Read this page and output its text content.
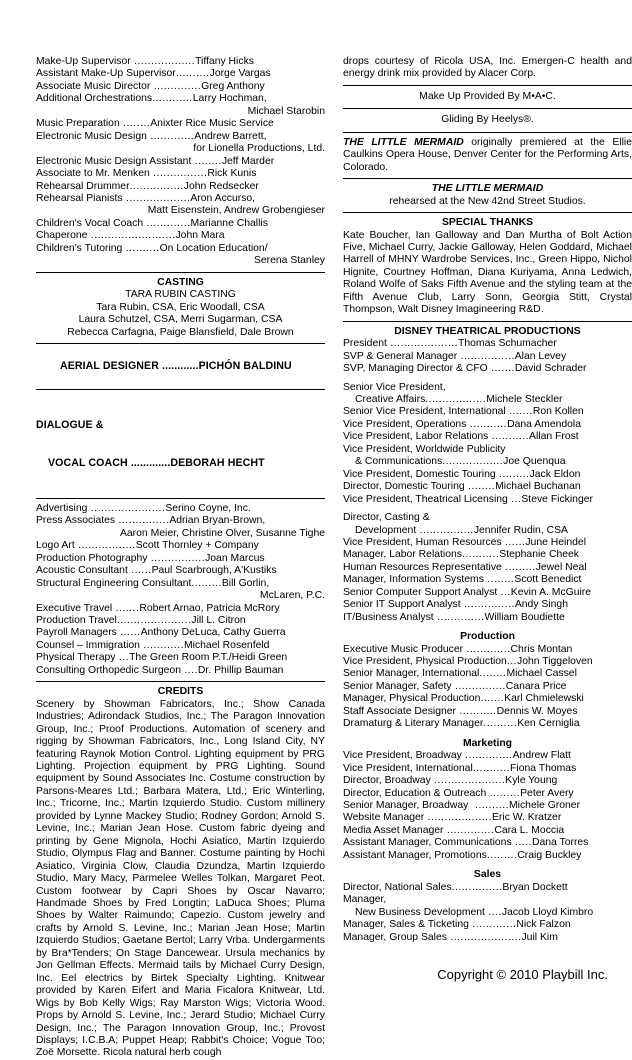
Make-Up Supervisor ..................Tiffany Hicks
Assistant Make-Up Supervisor..........Jorge Vargas
Associate Music Director ..............Greg Anthony
Additional Orchestrations............Larry Hochman,
Michael Starobin
Music Preparation ........Anixter Rice Music Service
Electronic Music Design .............Andrew Barrett,
for Lionella Productions, Ltd.
Electronic Music Design Assistant ........Jeff Marder
Associate to Mr. Menken ................Rick Kunis
Rehearsal Drummer................John Redsecker
Rehearsal Pianists ...................Aron Accurso,
Matt Eisenstein, Andrew Grobengieser
Children's Vocal Coach .............Marianne Challis
Chaperone .........................John Mara
Children's Tutoring ..........On Location Education/
Serena Stanley
CASTING
TARA RUBIN CASTING
Tara Rubin, CSA, Eric Woodall, CSA
Laura Schutzel, CSA, Merri Sugarman, CSA
Rebecca Carfagna, Paige Blansfield, Dale Brown

AERIAL DESIGNER ............PICHÓN BALDINU

DIALOGUE &

VOCAL COACH .............DEBORAH HECHT

Advertising ......................Serino Coyne, Inc.
Press Associates ...............Adrian Bryan-Brown,
Aaron Meier, Christine Olver, Susanne Tighe
Logo Art .................Scott Thornley + Company
Production Photography ................Joan Marcus
Acoustic Consultant ......Paul Scarbrough, A'Kustiks
Structural Engineering Consultant.........Bill Gorlin,
McLaren, P.C.
Executive Travel .......Robert Arnao, Patricia McRory
Production Travel......................Jill L. Citron
Payroll Managers ......Anthony DeLuca, Cathy Guerra
Counsel – Immigration ............Michael Rosenfeld
Physical Therapy ...The Green Room P.T./Heidi Green
Consulting Orthopedic Surgeon ....Dr. Phillip Bauman
CREDITS

Scenery by Showman Fabricators, Inc.; Show Canada Industries; Adirondack Studios, Inc.; The Paragon Innovation Group, Inc.; Proof Productions. Automation of scenery and rigging by Showman Fabricators, Inc., Long Island City, NY featuring Raynok Motion Control. Lighting equipment by PRG Lighting. Projection equipment by PRG Lighting. Sound equipment by Sound Associates Inc. Costume construction by Parsons-Meares Ltd.; Barbara Matera, Ltd.; Eric Winterling, Inc.; Tricorne, Inc.; Martin Izquierdo Studio. Custom millinery provided by Lynne Mackey Studio; Rodney Gordon; Arnold S. Levine, Inc.; Marian Jean Hose. Custom fabric dyeing and printing by Gene Mignola, Hochi Asiatico, Martin Izquierdo Studio, Olympus Flag and Banner. Costume painting by Hochi Asiatico, Virginia Clow, Claudia Dzundza, Martin Izquierdo Studio, Mary Macy, Parmelee Welles Tolkan, Margaret Peot. Custom footwear by Capri Shoes by Oscar Navarro; Handmade Shoes by Fred Longtin; LaDuca Shoes; Pluma Shoes by Walter Raimundo; Capezio. Custom jewelry and crafts by Arnold S. Levine, Inc.; Marian Jean Hose; Martin Izquierdo Studios; Gaetane Bertol; Larry Vrba. Undergarments by Bra*Tenders; On Stage Dancewear. Ursula mechanics by Jon Gellman Effects. Mermaid tails by Michael Curry Design, Inc. Eel electrics by Birtek Specialty Lighting. Knitwear provided by Karen Eifert and Maria Ficalora Knitwear, Ltd. Wigs by Bob Kelly Wigs; Ray Marston Wigs; Victoria Wood. Props by Arnold S. Levine, Inc.; Jerard Studio; Michael Curry Design, Inc.; The Paragon Innovation Group, Inc.; Provost Displays; I.C.B.A; Puppet Heap; Rabbit's Choice; Vogue Too; Zoë Morsette. Ricola natural herb cough

drops courtesy of Ricola USA, Inc. Emergen-C health and energy drink mix provided by Alacer Corp.

Make Up Provided By M•A•C.
Gliding By Heelys®.

THE LITTLE MERMAID originally premiered at the Ellie Caulkins Opera House, Denver Center for the Performing Arts, Colorado.

THE LITTLE MERMAID
rehearsed at the New 42nd Street Studios.
SPECIAL THANKS

Kate Boucher, Ian Galloway and Dan Murtha of Bolt Action Five, Michael Curry, Jackie Galloway, Helen Goddard, Michael Harrell of MHNY Wardrobe Services, Inc., Green Hippo, Nichol Hignite, Courtney Hoffman, Diana Kuriyama, Anna Ledwich, Roland Wolfe of Saks Fifth Avenue and the styling team at the Fifth Avenue Club, Larry Sonn, Georgia Stitt, Crystal Thompson, Walt Disney Imagineering R&D.

DISNEY THEATRICAL PRODUCTIONS
President ....................Thomas Schumacher
SVP & General Manager ................Alan Levey
SVP, Managing Director & CFO .......David Schrader
Senior Vice President,
Creative Affairs..................Michele Steckler
Senior Vice President, International .......Ron Kollen
Vice President, Operations ...........Dana Amendola
Vice President, Labor Relations ...........Allan Frost
Vice President, Worldwide Publicity
& Communications..................Joe Quenqua
Vice President, Domestic Touring .........Jack Eldon
Director, Domestic Touring ........Michael Buchanan
Vice President, Theatrical Licensing ...Steve Fickinger
Director, Casting &
Development ................Jennifer Rudin, CSA
Vice President, Human Resources ......June Heindel
Manager, Labor Relations...........Stephanie Cheek
Human Resources Representative .........Jewel Neal
Manager, Information Systems ........Scott Benedict
Senior Computer Support Analyst ...Kevin A. McGuire
Senior IT Support Analyst ...............Andy Singh
IT/Business Analyst ..............William Boudiette
Production
Executive Music Producer .............Chris Montan
Vice President, Physical Production...John Tiggeloven
Senior Manager, International........Michael Cassel
Senior Manager, Safety ...............Canara Price
Manager, Physical Production.......Karl Chmielewski
Staff Associate Designer ...........Dennis W. Moyes
Dramaturg & Literary Manager..........Ken Cerniglia
Marketing
Vice President, Broadway ..............Andrew Flatt
Vice President, International...........Fiona Thomas
Director, Broadway .....................Kyle Young
Director, Education & Outreach .........Peter Avery
Senior Manager, Broadway  ..........Michele Groner
Website Manager ...................Eric W. Kratzer
Media Asset Manager ..............Cara L. Moccia
Assistant Manager, Communications .....Dana Torres
Assistant Manager, Promotions.........Craig Buckley
Sales
Director, National Sales...............Bryan Dockett
Manager,
New Business Development ....Jacob Lloyd Kimbro
Manager, Sales & Ticketing .............Nick Falzon
Manager, Group Sales .....................Juil Kim
Copyright © 2010 Playbill Inc.
